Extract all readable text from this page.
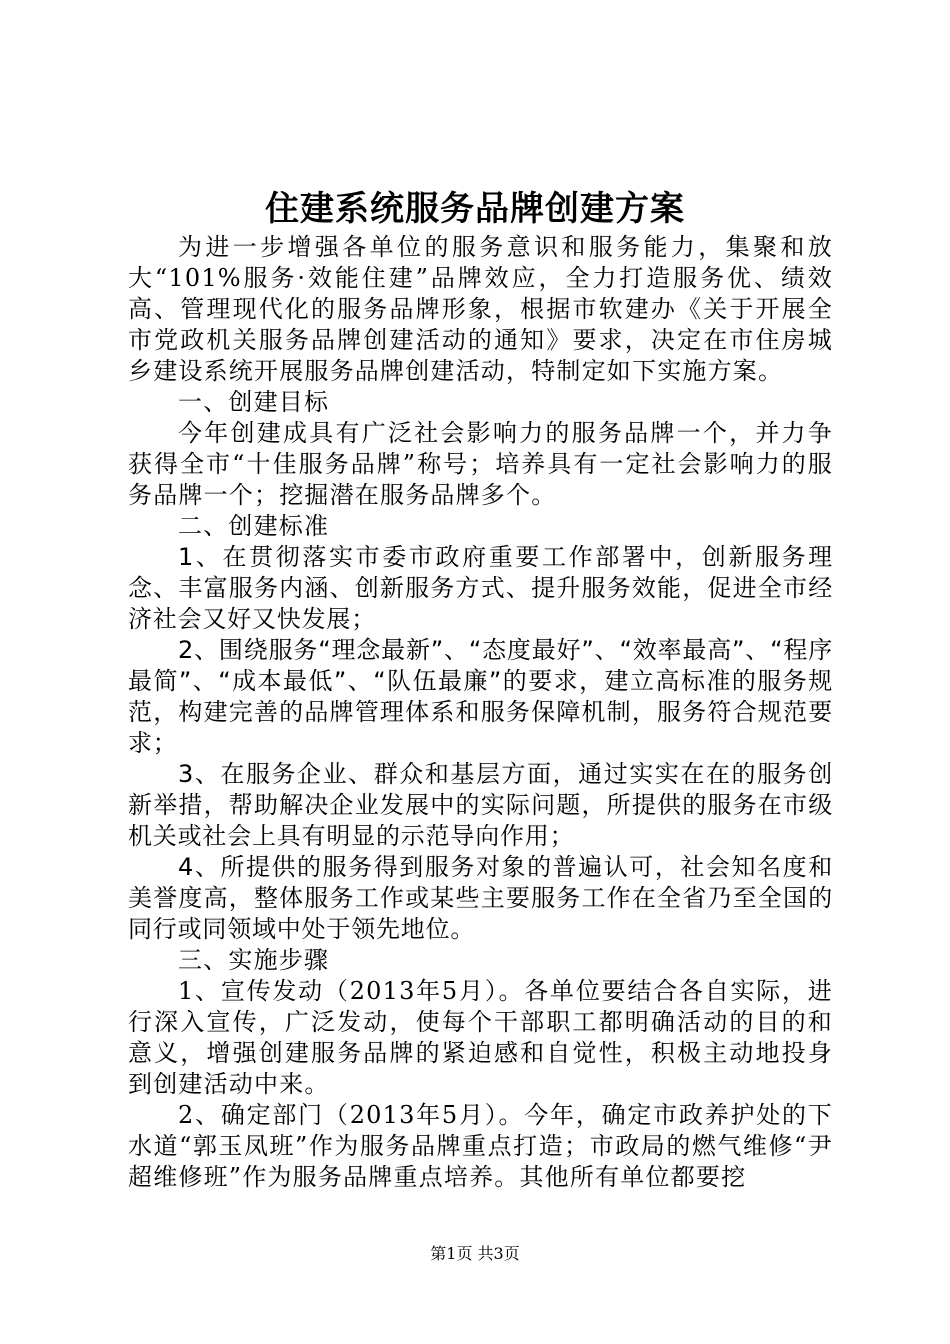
住建系统服务品牌创建方案

为进一步增强各单位的服务意识和服务能力，集聚和放大“101%服务·效能住建”品牌效应，全力打造服务优、绩效高、管理现代化的服务品牌形象，根据市软建办《关于开展全市党政机关服务品牌创建活动的通知》要求，决定在市住房城乡建设系统开展服务品牌创建活动，特制定如下实施方案。

一、创建目标

今年创建成具有广泛社会影响力的服务品牌一个，并力争获得全市“十佳服务品牌”称号；培养具有一定社会影响力的服务品牌一个；挖掘潜在服务品牌多个。

二、创建标准

1、在贯彻落实市委市政府重要工作部署中，创新服务理念、丰富服务内涵、创新服务方式、提升服务效能，促进全市经济社会又好又快发展；

2、围绕服务“理念最新”、“态度最好”、“效率最高”、“程序最简”、“成本最低”、“队伍最廉”的要求，建立高标准的服务规范，构建完善的品牌管理体系和服务保障机制，服务符合规范要求；

3、在服务企业、群众和基层方面，通过实实在在的服务创新举措，帮助解决企业发展中的实际问题，所提供的服务在市级机关或社会上具有明显的示范导向作用；

4、所提供的服务得到服务对象的普遍认可，社会知名度和美誉度高，整体服务工作或某些主要服务工作在全省乃至全国的同行或同领域中处于领先地位。

三、实施步骤

1、宣传发动（2013年5月）。各单位要结合各自实际，进行深入宣传，广泛发动，使每个干部职工都明确活动的目的和意义，增强创建服务品牌的紧迫感和自觉性，积极主动地投身到创建活动中来。

2、确定部门（2013年5月）。今年，确定市政养护处的下水道“郭玉凤班”作为服务品牌重点打造；市政局的燃气维修“尹超维修班”作为服务品牌重点培养。其他所有单位都要挖

第1页 共3页
